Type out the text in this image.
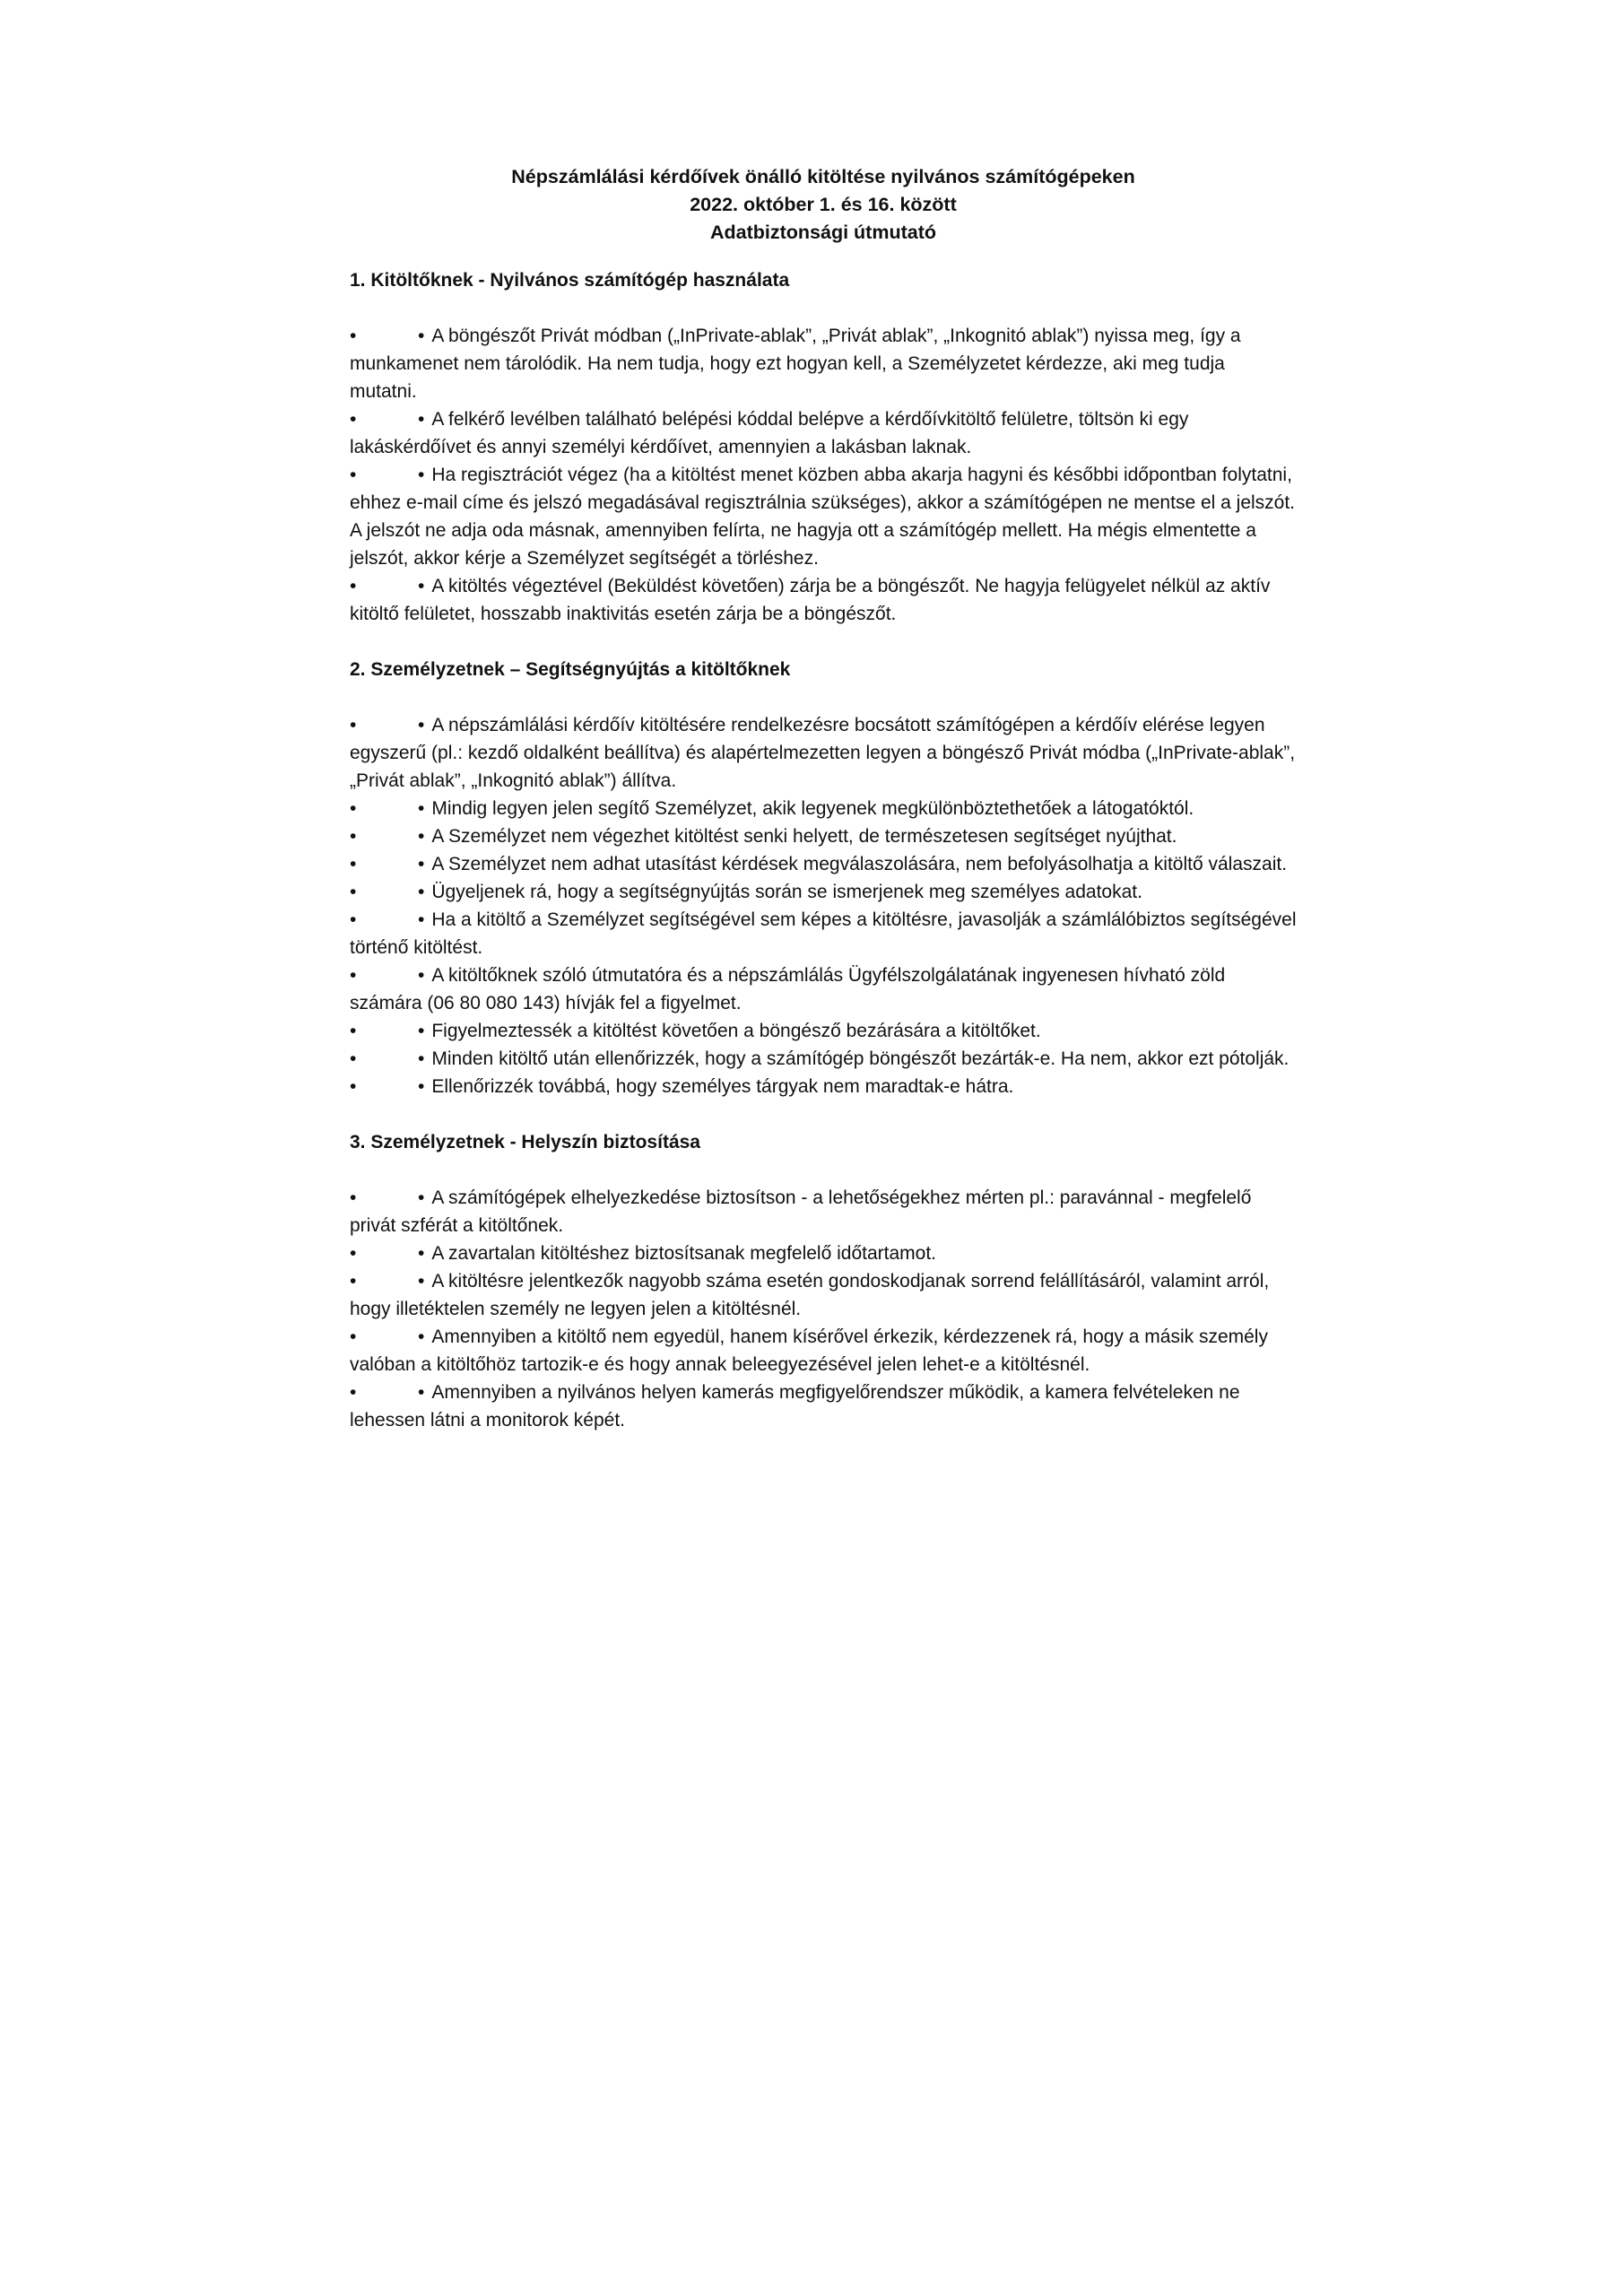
Népszámlálási kérdőívek önálló kitöltése nyilvános számítógépeken
2022. október 1. és 16. között
Adatbiztonsági útmutató
1. Kitöltőknek - Nyilvános számítógép használata
•	• A böngészőt Privát módban („InPrivate-ablak”, „Privát ablak”, „Inkognitó ablak”) nyissa meg, így a munkamenet nem tárolódik. Ha nem tudja, hogy ezt hogyan kell, a Személyzetet kérdezze, aki meg tudja mutatni.
•	• A felkérő levélben található belépési kóddal belépve a kérdőívkitöltő felületre, töltsön ki egy lakáskérdőívet és annyi személyi kérdőívet, amennyien a lakásban laknak.
•	• Ha regisztrációt végez (ha a kitöltést menet közben abba akarja hagyni és későbbi időpontban folytatni, ehhez e-mail címe és jelszó megadásával regisztrálnia szükséges), akkor a számítógépen ne mentse el a jelszót. A jelszót ne adja oda másnak, amennyiben felírta, ne hagyja ott a számítógép mellett. Ha mégis elmentette a jelszót, akkor kérje a Személyzet segítségét a törléshez.
•	• A kitöltés végeztével (Beküldést követően) zárja be a böngészőt. Ne hagyja felügyelet nélkül az aktív kitöltő felületet, hosszabb inaktivitás esetén zárja be a böngészőt.
2. Személyzetnek – Segítségnyújtás a kitöltőknek
•	• A népszámlálási kérdőív kitöltésére rendelkezésre bocsátott számítógépen a kérdőív elérése legyen egyszerű (pl.: kezdő oldalként beállítva) és alapértelmezetten legyen a böngésző Privát módba („InPrivate-ablak”, „Privát ablak”, „Inkognitó ablak”) állítva.
•	• Mindig legyen jelen segítő Személyzet, akik legyenek megkülönböztethetőek a látogatóktól.
•	• A Személyzet nem végezhet kitöltést senki helyett, de természetesen segítséget nyújthat.
•	• A Személyzet nem adhat utasítást kérdések megválaszolására, nem befolyásolhatja a kitöltő válaszait.
•	• Ügyeljenek rá, hogy a segítségnyújtás során se ismerjenek meg személyes adatokat.
•	• Ha a kitöltő a Személyzet segítségével sem képes a kitöltésre, javasolják a számlálóbiztos segítségével történő kitöltést.
•	• A kitöltőknek szóló útmutatóra és a népszámlálás Ügyfélszolgálatának ingyenesen hívható zöld számára (06 80 080 143) hívják fel a figyelmet.
•	• Figyelmeztessék a kitöltést követően a böngésző bezárására a kitöltőket.
•	• Minden kitöltő után ellenőrizzék, hogy a számítógép böngészőt bezárták-e. Ha nem, akkor ezt pótolják.
•	• Ellenőrizzék továbbá, hogy személyes tárgyak nem maradtak-e hátra.
3. Személyzetnek - Helyszín biztosítása
•	• A számítógépek elhelyezkedése biztosítson - a lehetőségekhez mérten pl.: paravánnal - megfelelő privát szférát a kitöltőnek.
•	• A zavartalan kitöltéshez biztosítsanak megfelelő időtartamot.
•	• A kitöltésre jelentkezők nagyobb száma esetén gondoskodjanak sorrend felállításáról, valamint arról, hogy illetéktelen személy ne legyen jelen a kitöltésnél.
•	• Amennyiben a kitöltő nem egyedül, hanem kísérővel érkezik, kérdezzenek rá, hogy a másik személy valóban a kitöltőhöz tartozik-e és hogy annak beleegyezésével jelen lehet-e a kitöltésnél.
•	• Amennyiben a nyilvános helyen kamerás megfigyelőrendszer működik, a kamera felvételeken ne lehessen látni a monitorok képét.
